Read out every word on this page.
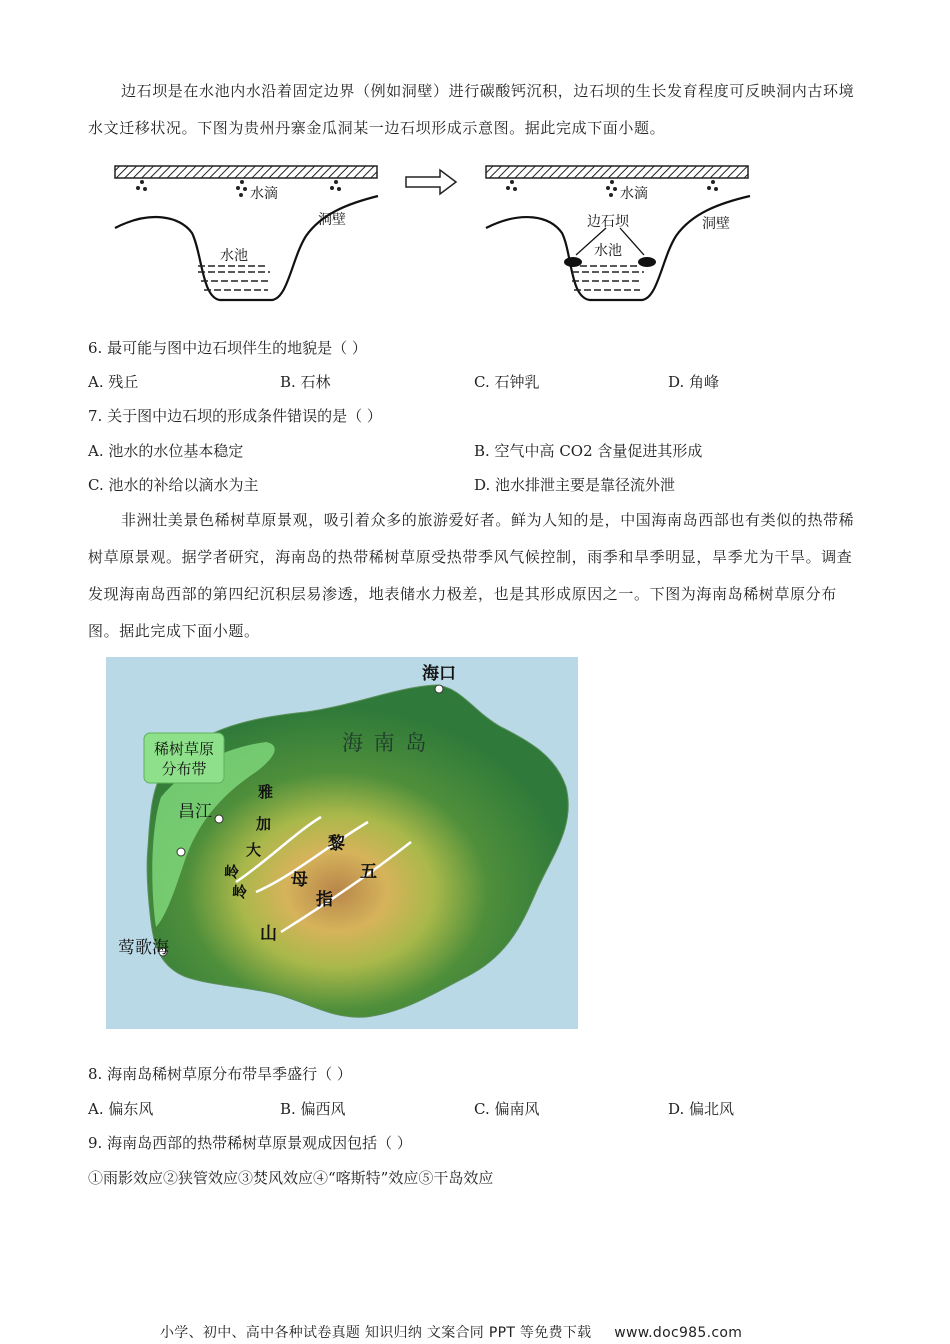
边石坝是在水池内水沿着固定边界（例如洞壁）进行碳酸钙沉积，边石坝的生长发育程度可反映洞内古环境水文迁移状况。下图为贵州丹寨金瓜洞某一边石坝形成示意图。据此完成下面小题。

水滴
洞壁
水池
水滴
洞壁
边石坝
水池
6. 最可能与图中边石坝伴生的地貌是（ ）
A. 残丘	B. 石林	C. 石钟乳	D. 角峰
7. 关于图中边石坝的形成条件错误的是（ ）
A. 池水的水位基本稳定	B. 空气中高 CO2 含量促进其形成
C. 池水的补给以滴水为主	D. 池水排泄主要是靠径流外泄

非洲壮美景色稀树草原景观，吸引着众多的旅游爱好者。鲜为人知的是，中国海南岛西部也有类似的热带稀树草原景观。据学者研究，海南岛的热带稀树草原受热带季风气候控制，雨季和旱季明显，旱季尤为干旱。调查发现海南岛西部的第四纪沉积层易渗透，地表储水力极差，也是其形成原因之一。下图为海南岛稀树草原分布图。据此完成下面小题。

稀树草原
分布带
海口
海 南 岛
昌江
莺歌海
雅
加
大
岭
岭
黎
母	五
指
山
8. 海南岛稀树草原分布带旱季盛行（ ）
A. 偏东风	B. 偏西风	C. 偏南风	D. 偏北风
9. 海南岛西部的热带稀树草原景观成因包括（ ）
①雨影效应②狭管效应③焚风效应④“喀斯特”效应⑤干岛效应
小学、初中、高中各种试卷真题 知识归纳 文案合同 PPT 等免费下载 www.doc985.com
